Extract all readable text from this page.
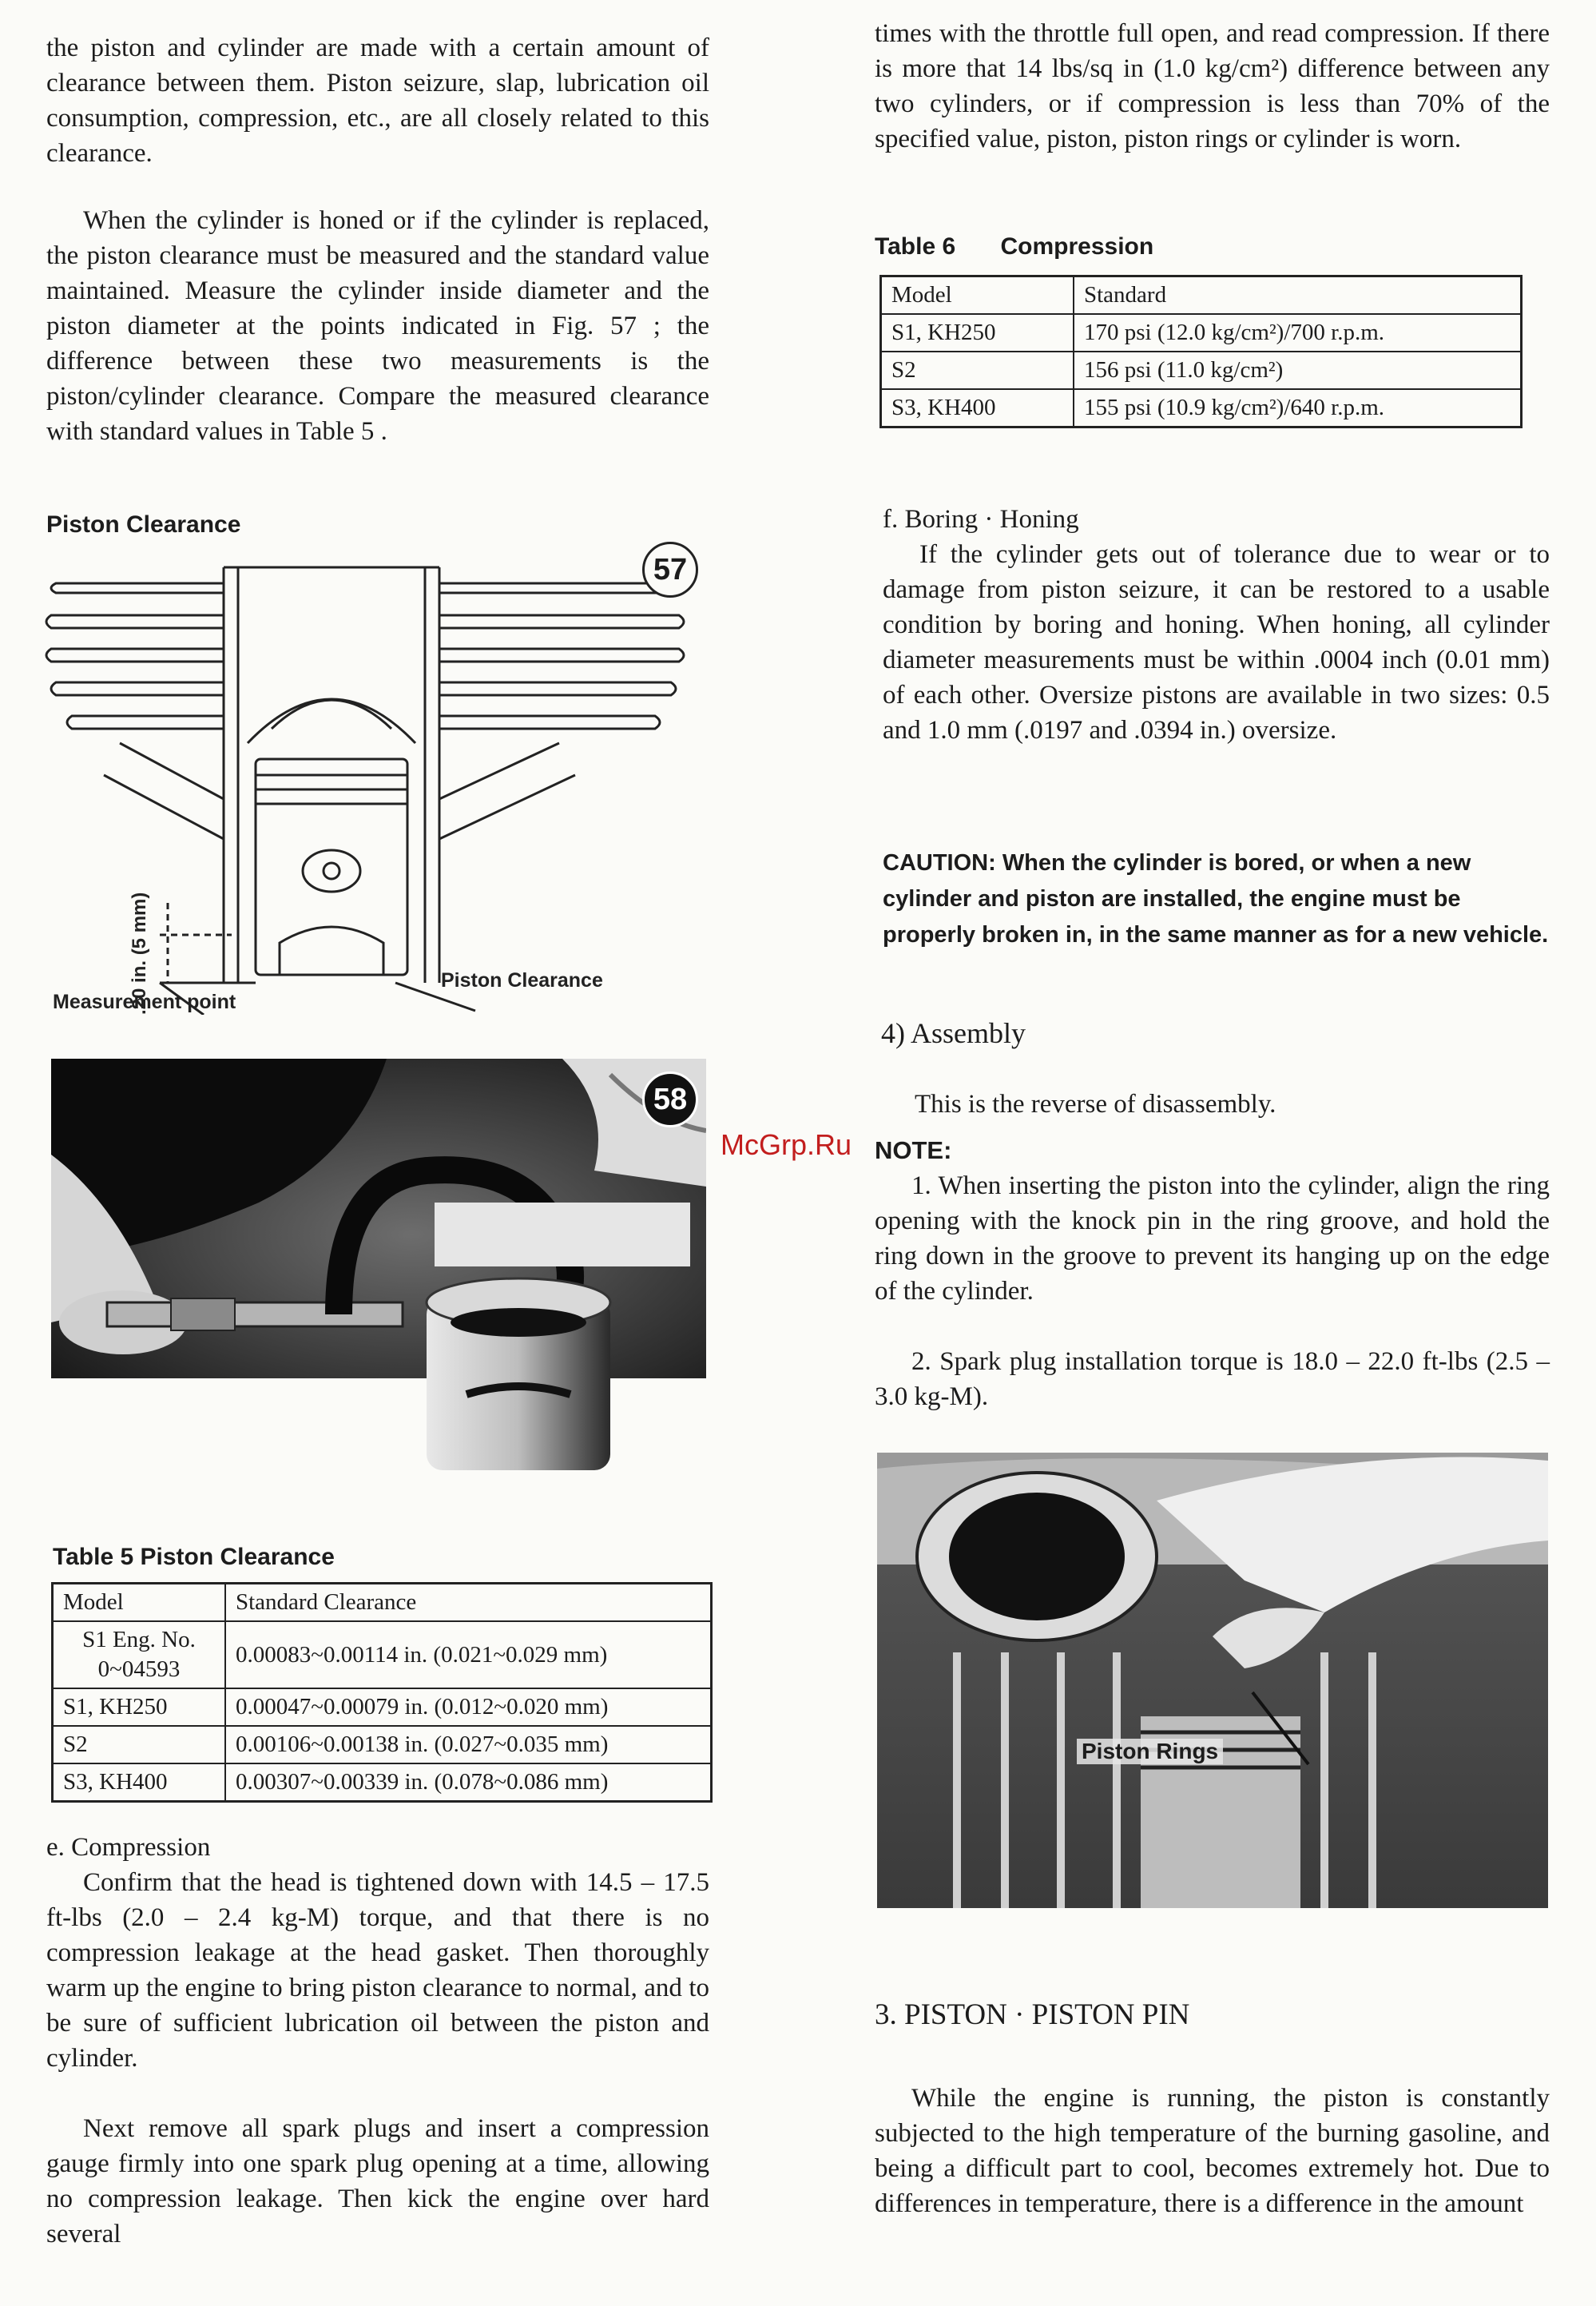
the piston and cylinder are made with a certain amount of clearance between them. Piston seizure, slap, lubrication oil consumption, compression, etc., are all closely related to this clearance.

When the cylinder is honed or if the cylinder is replaced, the piston clearance must be measured and the standard value maintained. Measure the cylinder inside diameter and the piston diameter at the points indicated in Fig. 57 ; the difference between these two measurements is the piston/cylinder clearance. Compare the measured clearance with standard values in Table 5 .

Piston Clearance
.20 in. (5 mm)	Piston Clearance
Measurement point
57
58
Table 5 Piston Clearance
Model	Standard Clearance
S1 Eng. No. 0~04593	0.00083~0.00114 in. (0.021~0.029 mm)
S1, KH250	0.00047~0.00079 in. (0.012~0.020 mm)
S2	0.00106~0.00138 in. (0.027~0.035 mm)
S3, KH400	0.00307~0.00339 in. (0.078~0.086 mm)

e. Compression

Confirm that the head is tightened down with 14.5 – 17.5 ft-lbs (2.0 – 2.4 kg-M) torque, and that there is no compression leakage at the head gasket. Then thoroughly warm up the engine to bring piston clearance to normal, and to be sure of sufficient lubrication oil between the piston and cylinder.

Next remove all spark plugs and insert a compression gauge firmly into one spark plug opening at a time, allowing no compression leakage. Then kick the engine over hard several

McGrp.Ru

times with the throttle full open, and read compression. If there is more that 14 lbs/sq in (1.0 kg/cm²) difference between any two cylinders, or if compression is less than 70% of the specified value, piston, piston rings or cylinder is worn.

Table 6 Compression
Model	Standard
S1, KH250	170 psi (12.0 kg/cm²)/700 r.p.m.
S2	156 psi (11.0 kg/cm²)
S3, KH400	155 psi (10.9 kg/cm²)/640 r.p.m.

f. Boring · Honing

If the cylinder gets out of tolerance due to wear or to damage from piston seizure, it can be restored to a usable condition by boring and honing. When honing, all cylinder diameter measurements must be within .0004 inch (0.01 mm) of each other. Oversize pistons are available in two sizes: 0.5 and 1.0 mm (.0197 and .0394 in.) oversize.

CAUTION: When the cylinder is bored, or when a new cylinder and piston are installed, the engine must be properly broken in, in the same manner as for a new vehicle.

4) Assembly

This is the reverse of disassembly.

NOTE:

1. When inserting the piston into the cylinder, align the ring opening with the knock pin in the ring groove, and hold the ring down in the groove to prevent its hanging up on the edge of the cylinder.

2. Spark plug installation torque is 18.0 – 22.0 ft-lbs (2.5 – 3.0 kg-M).

Piston Rings

3. PISTON · PISTON PIN

While the engine is running, the piston is constantly subjected to the high temperature of the burning gasoline, and being a difficult part to cool, becomes extremely hot. Due to differences in temperature, there is a difference in the amount
